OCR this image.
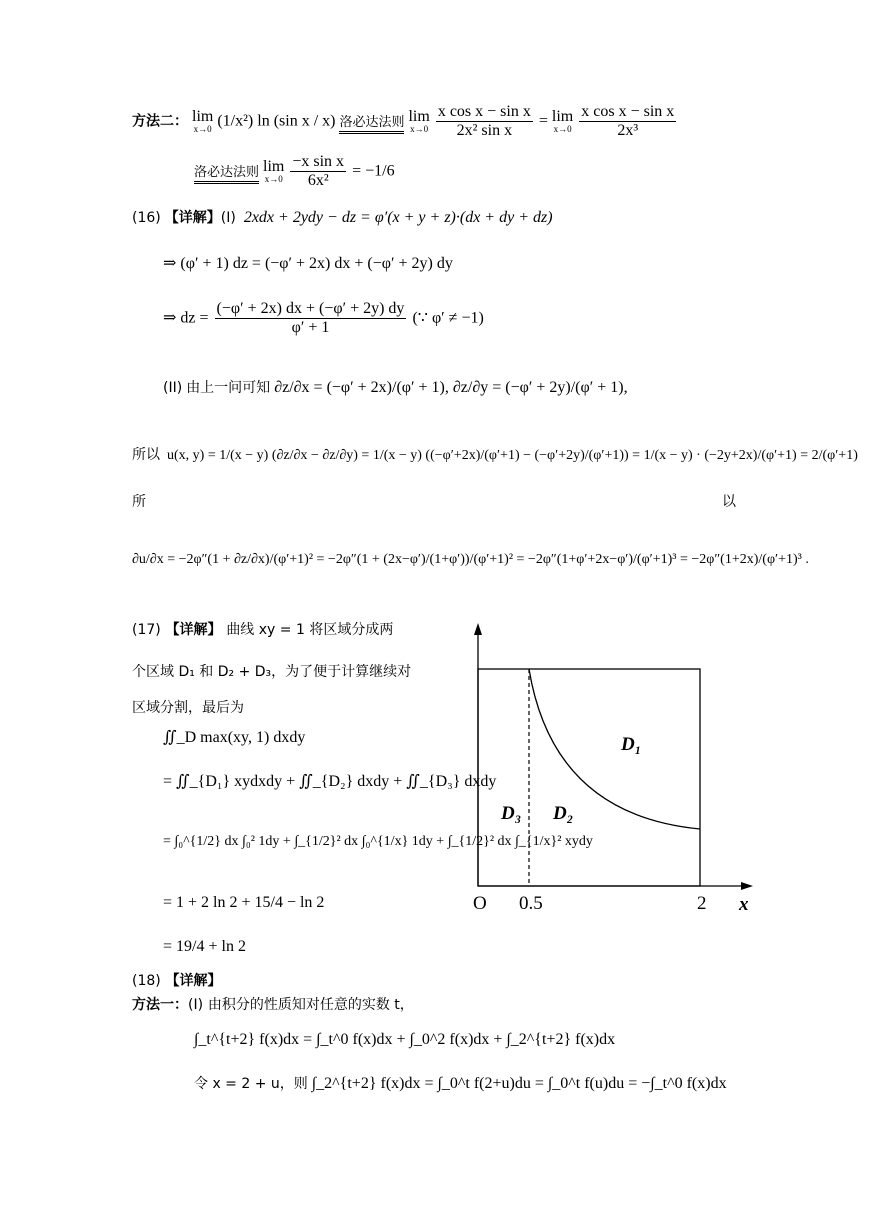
方法二： lim
x→0 (1/x²) ln (sin x / x) 洛必达法则 lim
x→0
$\frac{\text{x cos x − sin x}}{\text{2x² sin x}} = \lim$
x→0
$\frac{\text{x cos x − sin x}}{\text{2x³}}$
洛必达法则 lim
x→0
$\frac{\text{−x sin x}}{\text{6x²}} = -1/6$
(16) 【详解】(I) 2xdx + 2ydy − dz = φ′(x + y + z)·(dx + dy + dz)
⇒ (φ′ + 1) dz = (−φ′ + 2x) dx + (−φ′ + 2y) dy
⇒ dz = $\frac{(-\varphi' + 2x) dx + (-\varphi' + 2y) dy}{\varphi' + 1}$ (∵ φ′ ≠ −1)
(II) 由上一问可知 ∂z/∂x = (−φ′ + 2x)/(φ′ + 1), ∂z/∂y = (−φ′ + 2y)/(φ′ + 1),
所以 u(x, y) = 1/(x − y) (∂z/∂x − ∂z/∂y) = 1/(x − y) ((−φ′+2x)/(φ′+1) − (−φ′+2y)/(φ′+1)) = 1/(x − y) · (−2y+2x)/(φ′+1) = 2/(φ′+1)
所	以
∂u/∂x = −2φ″(1 + ∂z/∂x)/(φ′+1)² = −2φ″(1 + (2x−φ′)/(1+φ′))/(φ′+1)² = −2φ″(1+φ′+2x−φ′)/(φ′+1)³ = −2φ″(1+2x)/(φ′+1)³ .
(17) 【详解】 曲线 xy = 1 将区域分成两
个区域 D₁ 和 D₂ + D₃，为了便于计算继续对
区域分割，最后为
∬_D max(xy, 1) dxdy
= ∬_{D₁} xydxdy + ∬_{D₂} dxdy + ∬_{D₃} dxdy
= ∫₀^{1/2} dx ∫₀² 1dy + ∫_{1/2}² dx ∫₀^{1/x} 1dy + ∫_{1/2}² dx ∫_{1/x}² xydy
= 1 + 2 ln 2 + 15/4 − ln 2
= 19/4 + ln 2
D₁
D₂
D₃
O 0.5	2 x
(18) 【详解】
方法一：(I) 由积分的性质知对任意的实数 t，
∫_t^{t+2} f(x)dx = ∫_t^0 f(x)dx + ∫_0^2 f(x)dx + ∫_2^{t+2} f(x)dx
令 x = 2 + u，则 ∫_2^{t+2} f(x)dx = ∫_0^t f(2+u)du = ∫_0^t f(u)du = −∫_t^0 f(x)dx
